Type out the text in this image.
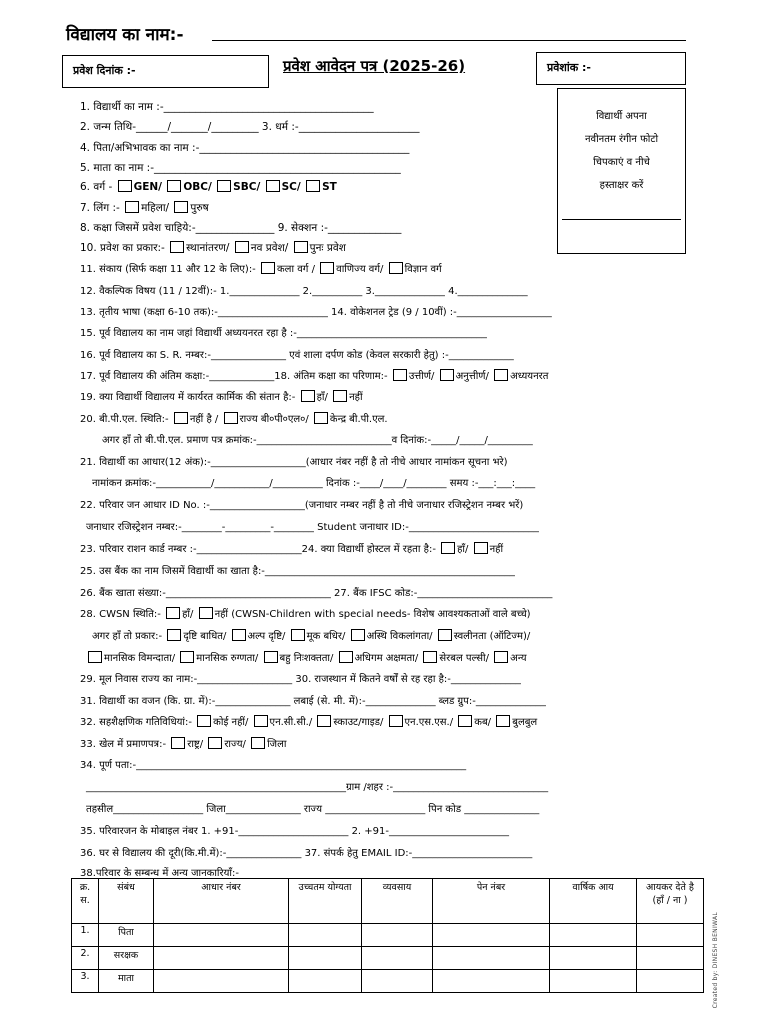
विद्यालय का नाम:-
प्रवेश दिनांक :-	प्रवेश आवेदन पत्र (2025-26)	प्रवेशांक :-
विद्यार्थी अपना
नवीनतम रंगीन फोटो
चिपकाएं व नीचे
हस्ताक्षर करें
1. विद्यार्थी का नाम :-________________________________________
2. जन्म तिथि-______/_______/_________ 3. धर्म :-_______________________
4. पिता/अभिभावक का नाम :-________________________________________
5. माता का नाम :-_______________________________________________
6. वर्ग - GEN/ OBC/ SBC/ SC/ ST
7. लिंग :- महिला/ पुरुष
8. कक्षा जिसमें प्रवेश चाहिये:-_______________ 9. सेक्शन :-______________
10. प्रवेश का प्रकार:- स्थानांतरण/ नव प्रवेश/ पुनः प्रवेश
11. संकाय (सिर्फ कक्षा 11 और 12 के लिए):- कला वर्ग / वाणिज्य वर्ग/ विज्ञान वर्ग
12. वैकल्पिक विषय (11 / 12वीं):- 1.______________ 2.__________ 3.______________ 4.______________
13. तृतीय भाषा (कक्षा 6-10 तक):-______________________ 14. वोकेशनल ट्रेड (9 / 10वीं) :-___________________
15. पूर्व विद्यालय का नाम जहां विद्यार्थी अध्ययनरत रहा है :-______________________________________
16. पूर्व विद्यालय का S. R. नम्बर:-_______________ एवं शाला दर्पण कोड (केवल सरकारी हेतु) :-_____________
17. पूर्व विद्यालय की अंतिम कक्षा:-_____________18. अंतिम कक्षा का परिणाम:- उत्तीर्ण/ अनुत्तीर्ण/ अध्ययनरत
19. क्या विद्यार्थी विद्यालय में कार्यरत कार्मिक की संतान है:- हाँ/ नहीं
20. बी.पी.एल. स्थिति:- नहीं है / राज्य बी०पी०एल०/ केन्द्र बी.पी.एल.
अगर हाँ तो बी.पी.एल. प्रमाण पत्र क्रमांक:-___________________________व दिनांक:-_____/_____/_________
21. विद्यार्थी का आधार(12 अंक):-___________________(आधार नंबर नहीं है तो नीचे आधार नामांकन सूचना भरे)
नामांकन क्रमांक:-___________/___________/__________ दिनांक :-____/____/________ समय :-___:___:____
22. परिवार जन आधार ID No. :-___________________(जनाधार नम्बर नहीं है तो नीचे जनाधार रजिस्ट्रेशन नम्बर भरें)
जनाधार रजिस्ट्रेशन नम्बर:-________-_________-________ Student जनाधार ID:-__________________________
23. परिवार राशन कार्ड नम्बर :-_____________________24. क्या विद्यार्थी होस्टल में रहता है:- हाँ/ नहीं
25. उस बैंक का नाम जिसमें विद्यार्थी का खाता है:-__________________________________________________
26. बैंक खाता संख्या:-_________________________________ 27. बैंक IFSC कोड:-___________________________
28. CWSN स्थिति:- हाँ/ नहीं (CWSN-Children with special needs- विशेष आवश्यकताओं वाले बच्चे)
अगर हाँ तो प्रकार:- दृष्टि बाधित/ अल्प दृष्टि/ मूक बधिर/ अस्थि विकलांगता/ स्वलीनता (ऑटिज्म)/
मानसिक विमन्दाता/ मानसिक रुग्णता/ बहु निःशक्तता/ अधिगम अक्षमता/ सेरबल पल्सी/ अन्य
29. मूल निवास राज्य का नाम:-___________________ 30. राजस्थान में कितने वर्षों से रह रहा है:-______________
31. विद्यार्थी का वजन (कि. ग्रा. में):-_______________ लबाई (से. मी. में):-______________ ब्लड ग्रुप:-______________
32. सहशैक्षणिक गतिविधियां:- कोई नहीं/ एन.सी.सी./ स्काउट/गाइड/ एन.एस.एस./ कब/ बुलबुल
33. खेल में प्रमाणपत्र:- राष्ट्र/ राज्य/ जिला
34. पूर्ण पता:-__________________________________________________________________
____________________________________________________ग्राम /शहर :-_______________________________
तहसील__________________ जिला_______________ राज्य ____________________ पिन कोड _______________
35. परिवारजन के मोबाइल नंबर 1. +91-______________________ 2. +91-________________________
36. घर से विद्यालय की दूरी(कि.मी.में):-_______________ 37. संपर्क हेतु EMAIL ID:-________________________
38.परिवार के सम्बन्ध में अन्य जानकारियाँ:-
क्र. स.	संबंध	आधार नंबर	उच्चतम योग्यता	व्यवसाय	पेन नंबर	वार्षिक आय	आयकर देते है (हाँ / ना )
1.	पिता						
2.	सरक्षक						
3.	माता							Created by: DINESH BENIWAL
